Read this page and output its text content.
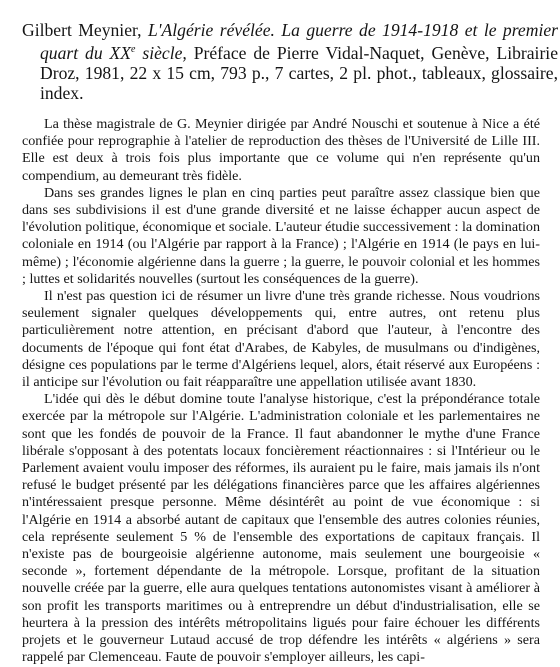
Gilbert Meynier, L'Algérie révélée. La guerre de 1914-1918 et le premier quart du XXe siècle, Préface de Pierre Vidal-Naquet, Genève, Librairie Droz, 1981, 22 x 15 cm, 793 p., 7 cartes, 2 pl. phot., tableaux, glossaire, index.

La thèse magistrale de G. Meynier dirigée par André Nouschi et soutenue à Nice a été confiée pour reprographie à l'atelier de reproduction des thèses de l'Université de Lille III. Elle est deux à trois fois plus importante que ce volume qui n'en représente qu'un compendium, au demeurant très fidèle.

Dans ses grandes lignes le plan en cinq parties peut paraître assez classique bien que dans ses subdivisions il est d'une grande diversité et ne laisse échapper aucun aspect de l'évolution politique, économique et sociale. L'auteur étudie successivement : la domination coloniale en 1914 (ou l'Algérie par rapport à la France) ; l'Algérie en 1914 (le pays en lui-même) ; l'économie algérienne dans la guerre ; la guerre, le pouvoir colonial et les hommes ; luttes et solidarités nouvelles (surtout les conséquences de la guerre).

Il n'est pas question ici de résumer un livre d'une très grande richesse. Nous voudrions seulement signaler quelques développements qui, entre autres, ont retenu plus particulièrement notre attention, en précisant d'abord que l'auteur, à l'encontre des documents de l'époque qui font état d'Arabes, de Kabyles, de musulmans ou d'indigènes, désigne ces populations par le terme d'Algériens lequel, alors, était réservé aux Européens : il anticipe sur l'évolution ou fait réapparaître une appellation utilisée avant 1830.

L'idée qui dès le début domine toute l'analyse historique, c'est la prépondérance totale exercée par la métropole sur l'Algérie. L'administration coloniale et les parlementaires ne sont que les fondés de pouvoir de la France. Il faut abandonner le mythe d'une France libérale s'opposant à des potentats locaux foncièrement réactionnaires : si l'Intérieur ou le Parlement avaient voulu imposer des réformes, ils auraient pu le faire, mais jamais ils n'ont refusé le budget présenté par les délégations financières parce que les affaires algériennes n'intéressaient presque personne. Même désintérêt au point de vue économique : si l'Algérie en 1914 a absorbé autant de capitaux que l'ensemble des autres colonies réunies, cela représente seulement 5 % de l'ensemble des exportations de capitaux français. Il n'existe pas de bourgeoisie algérienne autonome, mais seulement une bourgeoisie « seconde », fortement dépendante de la métropole. Lorsque, profitant de la situation nouvelle créée par la guerre, elle aura quelques tentations autonomistes visant à améliorer à son profit les transports maritimes ou à entreprendre un début d'industrialisation, elle se heurtera à la pression des intérêts métropolitains ligués pour faire échouer les différents projets et le gouverneur Lutaud accusé de trop défendre les intérêts « algériens » sera rappelé par Clemenceau. Faute de pouvoir s'employer ailleurs, les capi-
